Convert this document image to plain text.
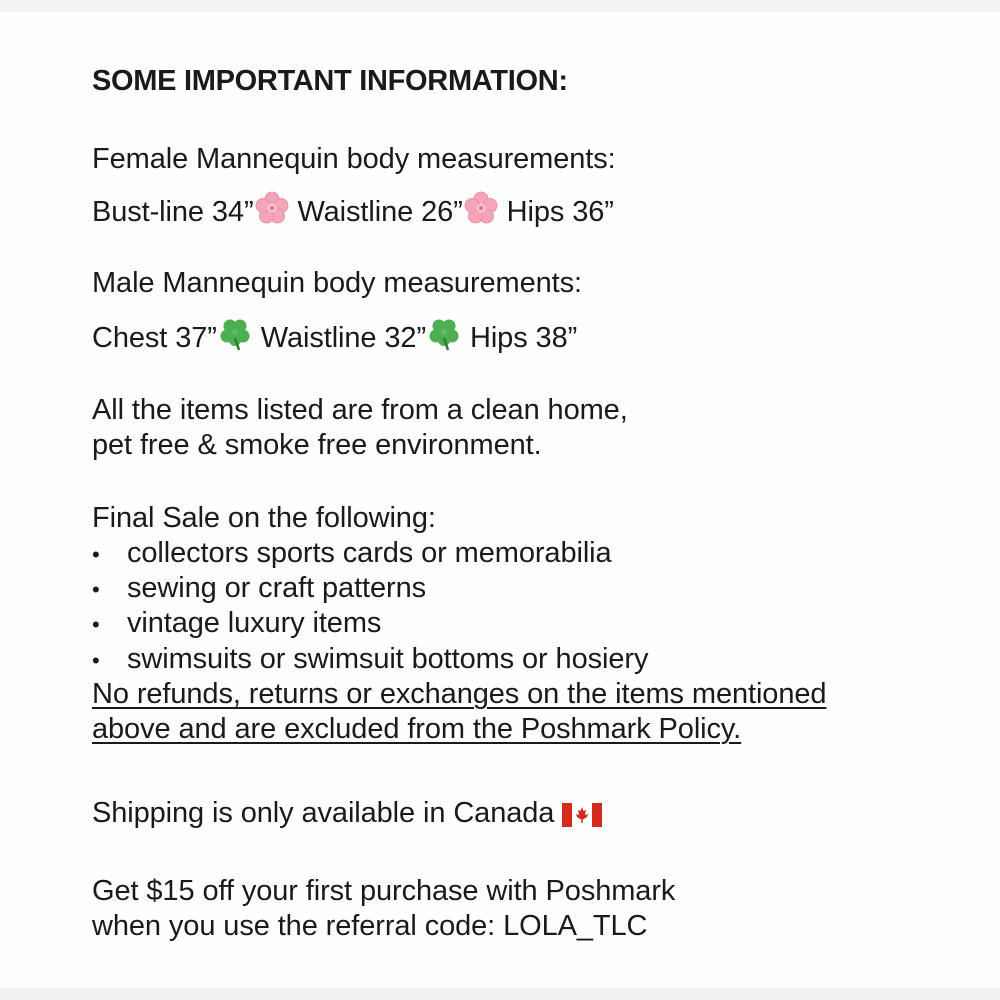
SOME IMPORTANT INFORMATION:
Female Mannequin body measurements:
Bust-line 34” Waistline 26” Hips 36”
Male Mannequin body measurements:
Chest 37” Waistline 32” Hips 38”
All the items listed are from a clean home,
pet free & smoke free environment.
Final Sale on the following:
• collectors sports cards or memorabilia
• sewing or craft patterns
• vintage luxury items
• swimsuits or swimsuit bottoms or hosiery
No refunds, returns or exchanges on the items mentioned
above and are excluded from the Poshmark Policy.
Shipping is only available in Canada
Get $15 off your first purchase with Poshmark
when you use the referral code: LOLA_TLC
